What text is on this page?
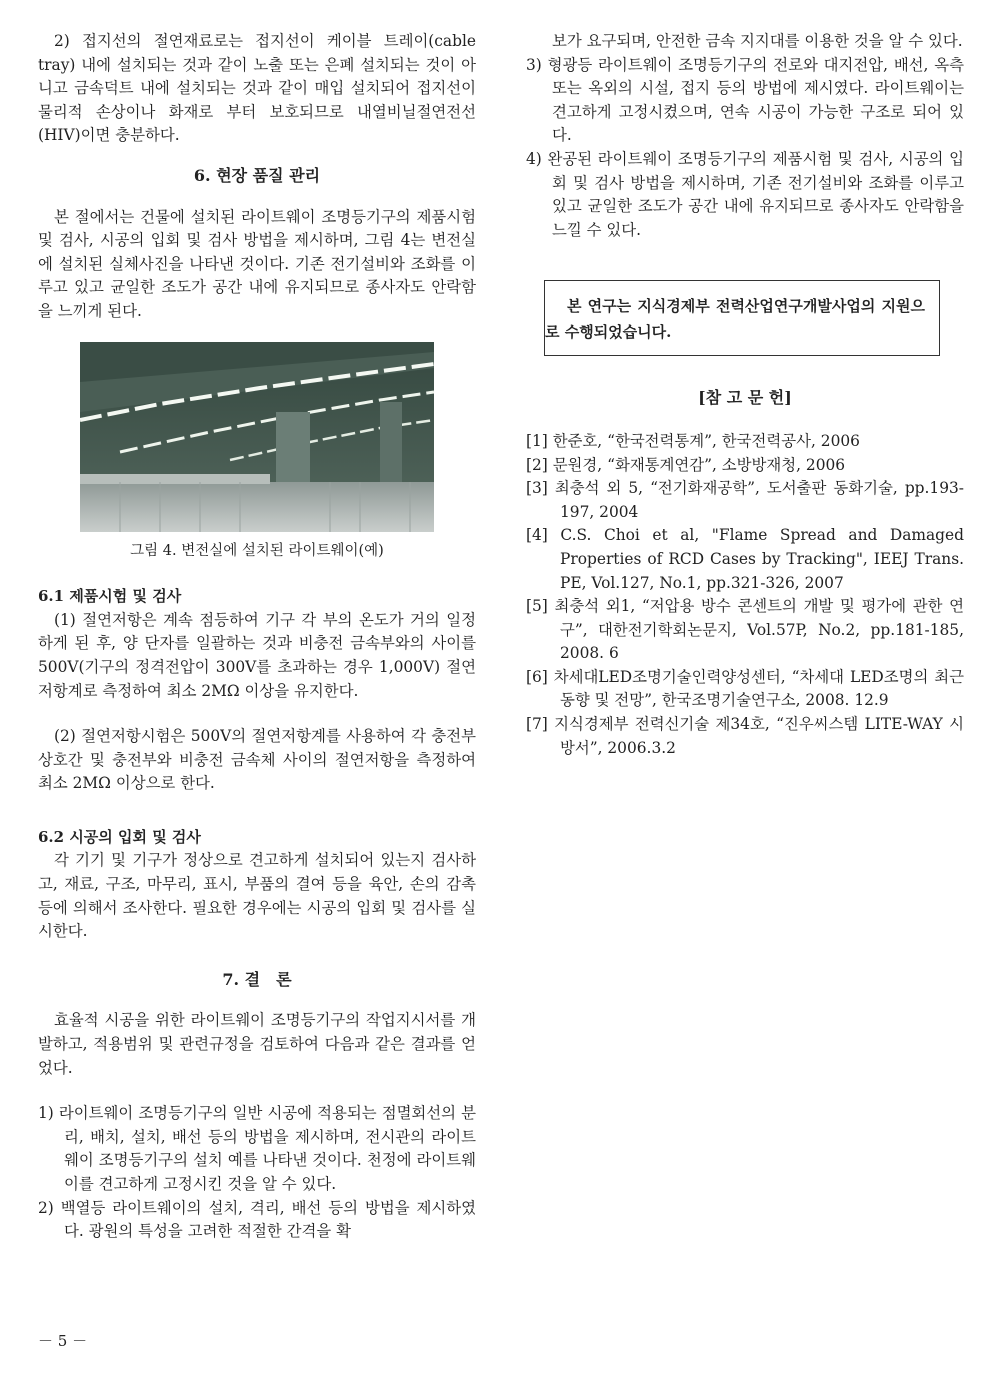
2) 접지선의 절연재료로는 접지선이 케이블 트레이(cable tray) 내에 설치되는 것과 같이 노출 또는 은폐 설치되는 것이 아니고 금속덕트 내에 설치되는 것과 같이 매입 설치되어 접지선이 물리적 손상이나 화재로 부터 보호되므로 내열비닐절연전선(HIV)이면 충분하다.

6. 현장 품질 관리

본 절에서는 건물에 설치된 라이트웨이 조명등기구의 제품시험 및 검사, 시공의 입회 및 검사 방법을 제시하며, 그림 4는 변전실에 설치된 실체사진을 나타낸 것이다. 기존 전기설비와 조화를 이루고 있고 균일한 조도가 공간 내에 유지되므로 종사자도 안락함을 느끼게 된다.

그림 4. 변전실에 설치된 라이트웨이(예)
6.1 제품시험 및 검사

(1) 절연저항은 계속 점등하여 기구 각 부의 온도가 거의 일정하게 된 후, 양 단자를 일괄하는 것과 비충전 금속부와의 사이를 500V(기구의 정격전압이 300V를 초과하는 경우 1,000V) 절연저항계로 측정하여 최소 2MΩ 이상을 유지한다.

(2) 절연저항시험은 500V의 절연저항계를 사용하여 각 충전부 상호간 및 충전부와 비충전 금속체 사이의 절연저항을 측정하여 최소 2MΩ 이상으로 한다.

6.2 시공의 입회 및 검사

각 기기 및 기구가 정상으로 견고하게 설치되어 있는지 검사하고, 재료, 구조, 마무리, 표시, 부품의 결여 등을 육안, 손의 감촉 등에 의해서 조사한다. 필요한 경우에는 시공의 입회 및 검사를 실시한다.

7. 결　론

효율적 시공을 위한 라이트웨이 조명등기구의 작업지시서를 개발하고, 적용범위 및 관련규정을 검토하여 다음과 같은 결과를 얻었다.

1) 라이트웨이 조명등기구의 일반 시공에 적용되는 점멸회선의 분리, 배치, 설치, 배선 등의 방법을 제시하며, 전시관의 라이트웨이 조명등기구의 설치 예를 나타낸 것이다. 천정에 라이트웨이를 견고하게 고정시킨 것을 알 수 있다.

2) 백열등 라이트웨이의 설치, 격리, 배선 등의 방법을 제시하였다. 광원의 특성을 고려한 적절한 간격을 확

보가 요구되며, 안전한 금속 지지대를 이용한 것을 알 수 있다.

3) 형광등 라이트웨이 조명등기구의 전로와 대지전압, 배선, 옥측 또는 옥외의 시설, 접지 등의 방법에 제시였다. 라이트웨이는 견고하게 고정시켰으며, 연속 시공이 가능한 구조로 되어 있다.

4) 완공된 라이트웨이 조명등기구의 제품시험 및 검사, 시공의 입회 및 검사 방법을 제시하며, 기존 전기설비와 조화를 이루고 있고 균일한 조도가 공간 내에 유지되므로 종사자도 안락함을 느낄 수 있다.

본 연구는 지식경제부 전력산업연구개발사업의 지원으로 수행되었습니다.

[참 고 문 헌]

[1] 한준호, “한국전력통계”, 한국전력공사, 2006

[2] 문원경, “화재통계연감”, 소방방재청, 2006

[3] 최충석 외 5, “전기화재공학”, 도서출판 동화기술, pp.193-197, 2004

[4] C.S. Choi et al, "Flame Spread and Damaged Properties of RCD Cases by Tracking", IEEJ Trans. PE, Vol.127, No.1, pp.321-326, 2007

[5] 최충석 외1, “저압용 방수 콘센트의 개발 및 평가에 관한 연구”, 대한전기학회논문지, Vol.57P, No.2, pp.181-185, 2008. 6

[6] 차세대LED조명기술인력양성센터, “차세대 LED조명의 최근 동향 및 전망”, 한국조명기술연구소, 2008. 12.9

[7] 지식경제부 전력신기술 제34호, “진우씨스템 LITE-WAY 시방서”, 2006.3.2

－ 5 －
